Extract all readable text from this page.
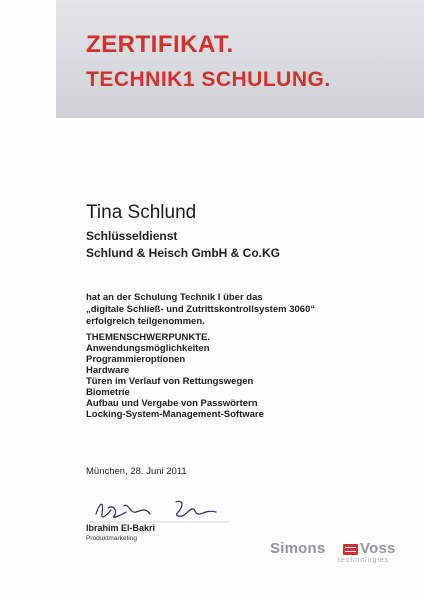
ZERTIFIKAT.
TECHNIK1 SCHULUNG.
Tina Schlund
Schlüsseldienst
Schlund & Heisch GmbH & Co.KG
hat an der Schulung Technik I über das
„digitale Schließ- und Zutrittskontrollsystem 3060“
erfolgreich teilgenommen.
THEMENSCHWERPUNKTE.
Anwendungsmöglichkeiten
Programmieroptionen
Hardware
Türen im Verlauf von Rettungswegen
Biometrie
Aufbau und Vergabe von Passwörtern
Locking-System-Management-Software
München, 28. Juni 2011
Ibrahim El-Bakri
Produktmarketing
Simons Voss
technologies
